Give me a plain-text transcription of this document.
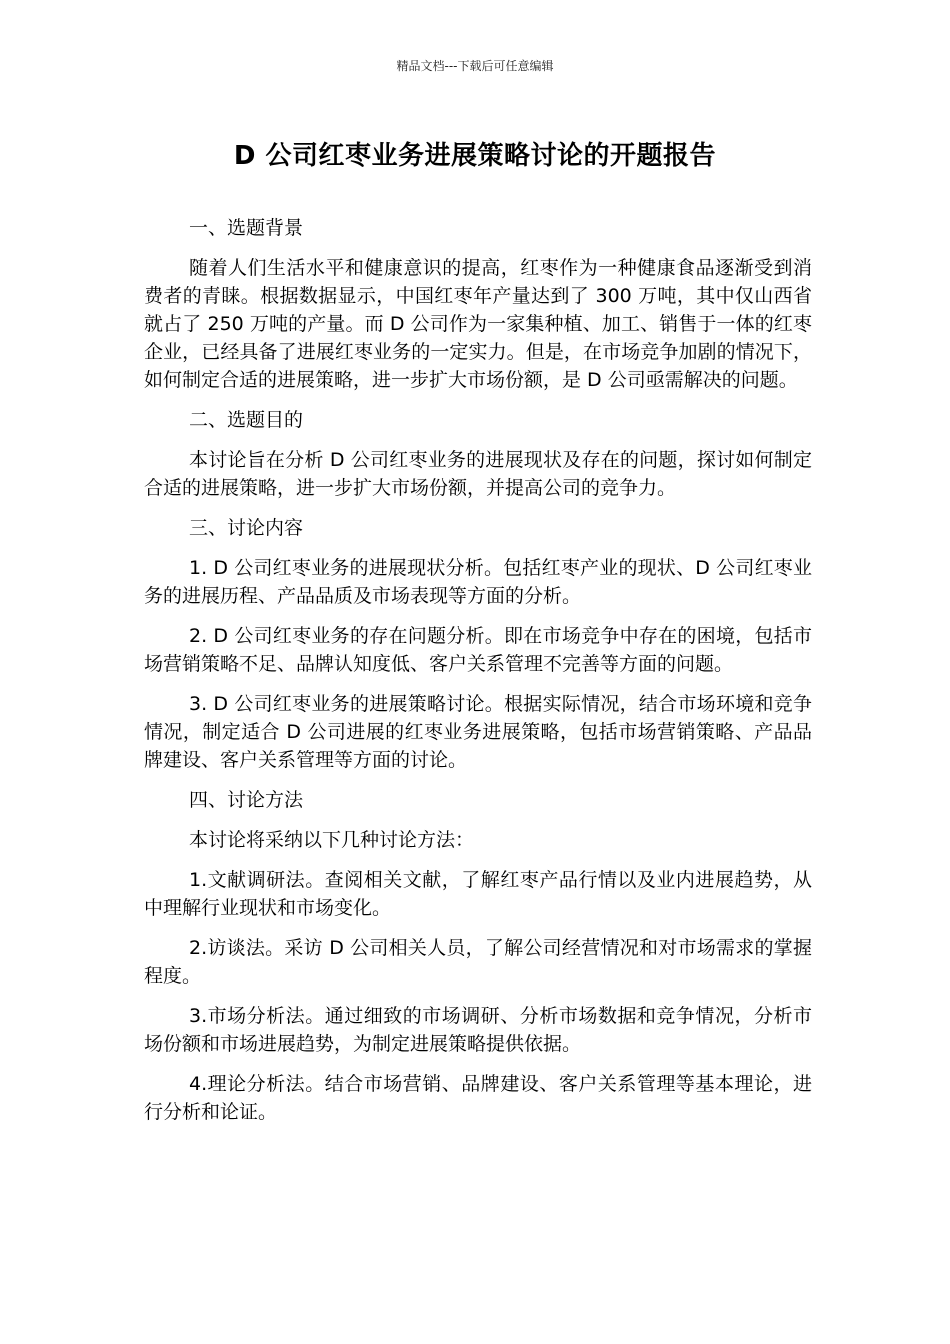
精品文档---下载后可任意编辑
D 公司红枣业务进展策略讨论的开题报告

一、选题背景

随着人们生活水平和健康意识的提高，红枣作为一种健康食品逐渐受到消费者的青睐。根据数据显示，中国红枣年产量达到了 300 万吨，其中仅山西省就占了 250 万吨的产量。而 D 公司作为一家集种植、加工、销售于一体的红枣企业，已经具备了进展红枣业务的一定实力。但是，在市场竞争加剧的情况下，如何制定合适的进展策略，进一步扩大市场份额，是 D 公司亟需解决的问题。

二、选题目的

本讨论旨在分析 D 公司红枣业务的进展现状及存在的问题，探讨如何制定合适的进展策略，进一步扩大市场份额，并提高公司的竞争力。

三、讨论内容

1. D 公司红枣业务的进展现状分析。包括红枣产业的现状、D 公司红枣业务的进展历程、产品品质及市场表现等方面的分析。

2. D 公司红枣业务的存在问题分析。即在市场竞争中存在的困境，包括市场营销策略不足、品牌认知度低、客户关系管理不完善等方面的问题。

3. D 公司红枣业务的进展策略讨论。根据实际情况，结合市场环境和竞争情况，制定适合 D 公司进展的红枣业务进展策略，包括市场营销策略、产品品牌建设、客户关系管理等方面的讨论。

四、讨论方法

本讨论将采纳以下几种讨论方法：

1.文献调研法。查阅相关文献，了解红枣产品行情以及业内进展趋势，从中理解行业现状和市场变化。

2.访谈法。采访 D 公司相关人员，了解公司经营情况和对市场需求的掌握程度。

3.市场分析法。通过细致的市场调研、分析市场数据和竞争情况，分析市场份额和市场进展趋势，为制定进展策略提供依据。

4.理论分析法。结合市场营销、品牌建设、客户关系管理等基本理论，进行分析和论证。
